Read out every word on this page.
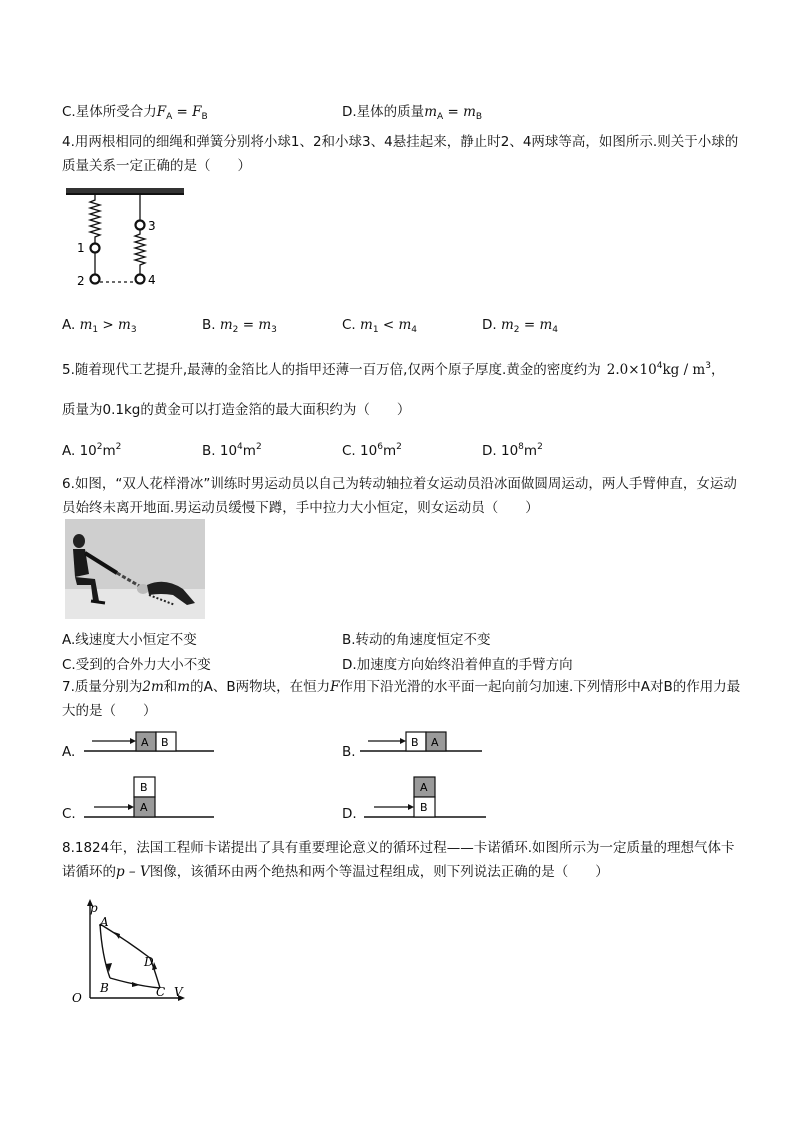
C.星体所受合力$F_A = F_B$	D.星体的质量$m_A = m_B$
4.用两根相同的细绳和弹簧分别将小球1、2和小球3、4悬挂起来，静止时2、4两球等高，如图所示.则关于小球的质量关系一定正确的是（　　）
1
2
3
4
A. $m_1 > m_3$	B. $m_2 = m_3$	C. $m_1 < m_4$	D. $m_2 = m_4$
5.随着现代工艺提升,最薄的金箔比人的指甲还薄一百万倍,仅两个原子厚度.黄金的密度约为 $2.0\times 10^4kg / m^3$，
质量为0.1kg的黄金可以打造金箔的最大面积约为（　　）
A. $10^2m^2$	B. $10^4m^2$	C. $10^6m^2$	D. $10^8m^2$
6.如图，“双人花样滑冰”训练时男运动员以自己为转动轴拉着女运动员沿冰面做圆周运动，两人手臂伸直，女运动员始终未离开地面.男运动员缓慢下蹲，手中拉力大小恒定，则女运动员（　　）
A.线速度大小恒定不变	B.转动的角速度恒定不变
C.受到的合外力大小不变	D.加速度方向始终沿着伸直的手臂方向
7.质量分别为2m和m的A、B两物块，在恒力F作用下沿光滑的水平面一起向前匀加速.下列情形中A对B的作用力最大的是（　　）
A.
A B
B.
B A
C.
B
A	D.
A
B
8.1824年，法国工程师卡诺提出了具有重要理论意义的循环过程——卡诺循环.如图所示为一定质量的理想气体卡诺循环的p – V图像，该循环由两个绝热和两个等温过程组成，则下列说法正确的是（　　）
p
V
O
A
B	C
D
